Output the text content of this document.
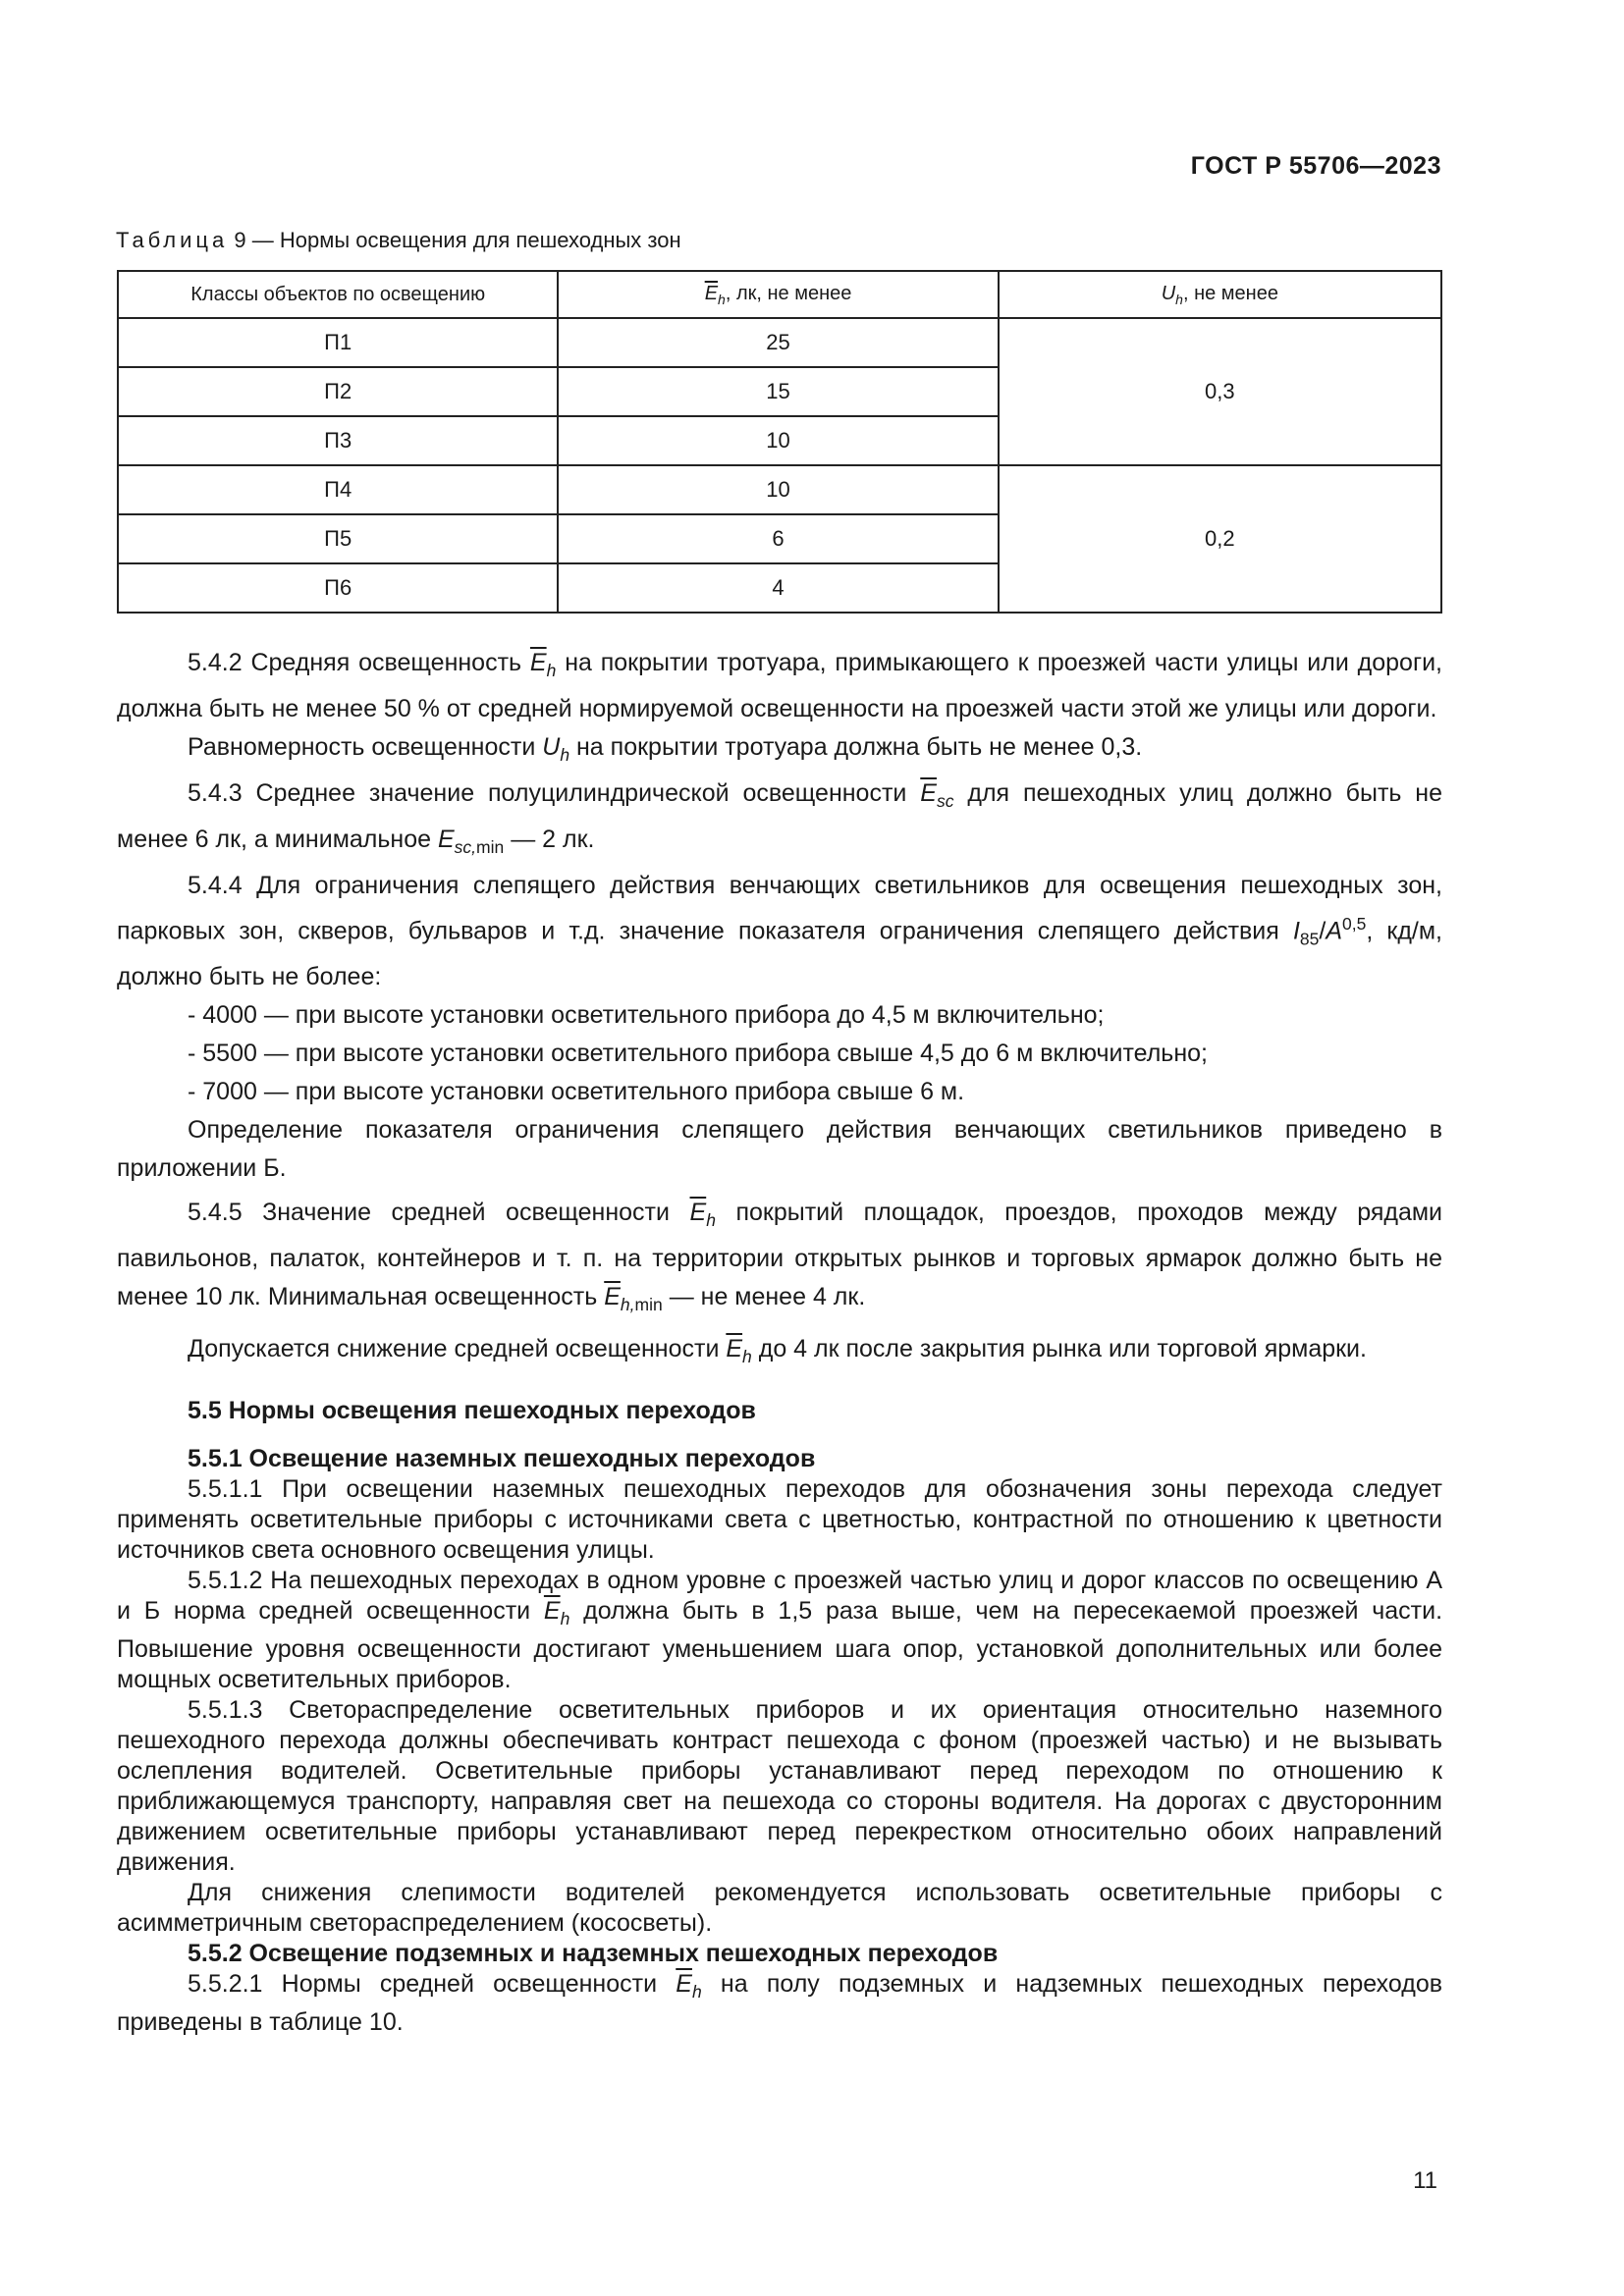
ГОСТ Р 55706—2023
Таблица 9 — Нормы освещения для пешеходных зон
Классы объектов по освещению	$\overline{E}_h$, лк, не менее	$U_h$, не менее
П1	25	0,3
П2	15	
П3	10	
П4	10	0,2
П5	6	
П6	4	

5.4.2 Средняя освещенность $\overline{E}_h$ на покрытии тротуара, примыкающего к проезжей части улицы или дороги, должна быть не менее 50 % от средней нормируемой освещенности на проезжей части этой же улицы или дороги.

Равномерность освещенности $U_h$ на покрытии тротуара должна быть не менее 0,3.

5.4.3 Среднее значение полуцилиндрической освещенности $\overline{E}_{sc}$ для пешеходных улиц должно быть не менее 6 лк, а минимальное $E_{sc,min}$ — 2 лк.

5.4.4 Для ограничения слепящего действия венчающих светильников для освещения пешеходных зон, парковых зон, скверов, бульваров и т.д. значение показателя ограничения слепящего действия $I_{85}/A^{0,5}$, кд/м, должно быть не более:

- 4000 — при высоте установки осветительного прибора до 4,5 м включительно;

- 5500 — при высоте установки осветительного прибора свыше 4,5 до 6 м включительно;

- 7000 — при высоте установки осветительного прибора свыше 6 м.

Определение показателя ограничения слепящего действия венчающих светильников приведено в приложении Б.

5.4.5 Значение средней освещенности $\overline{E}_h$ покрытий площадок, проездов, проходов между рядами павильонов, палаток, контейнеров и т. п. на территории открытых рынков и торговых ярмарок должно быть не менее 10 лк. Минимальная освещенность $\overline{E}_{h,min}$ — не менее 4 лк.

Допускается снижение средней освещенности $\overline{E}_h$ до 4 лк после закрытия рынка или торговой ярмарки.

5.5 Нормы освещения пешеходных переходов

5.5.1 Освещение наземных пешеходных переходов

5.5.1.1 При освещении наземных пешеходных переходов для обозначения зоны перехода следует применять осветительные приборы с источниками света с цветностью, контрастной по отношению к цветности источников света основного освещения улицы.

5.5.1.2 На пешеходных переходах в одном уровне с проезжей частью улиц и дорог классов по освещению А и Б норма средней освещенности $\overline{E}_h$ должна быть в 1,5 раза выше, чем на пересекаемой проезжей части. Повышение уровня освещенности достигают уменьшением шага опор, установкой дополнительных или более мощных осветительных приборов.

5.5.1.3 Светораспределение осветительных приборов и их ориентация относительно наземного пешеходного перехода должны обеспечивать контраст пешехода с фоном (проезжей частью) и не вызывать ослепления водителей. Осветительные приборы устанавливают перед переходом по отношению к приближающемуся транспорту, направляя свет на пешехода со стороны водителя. На дорогах с двусторонним движением осветительные приборы устанавливают перед перекрестком относительно обоих направлений движения.

Для снижения слепимости водителей рекомендуется использовать осветительные приборы с асимметричным светораспределением (кососветы).

5.5.2 Освещение подземных и надземных пешеходных переходов

5.5.2.1 Нормы средней освещенности $\overline{E}_h$ на полу подземных и надземных пешеходных переходов приведены в таблице 10.

11
